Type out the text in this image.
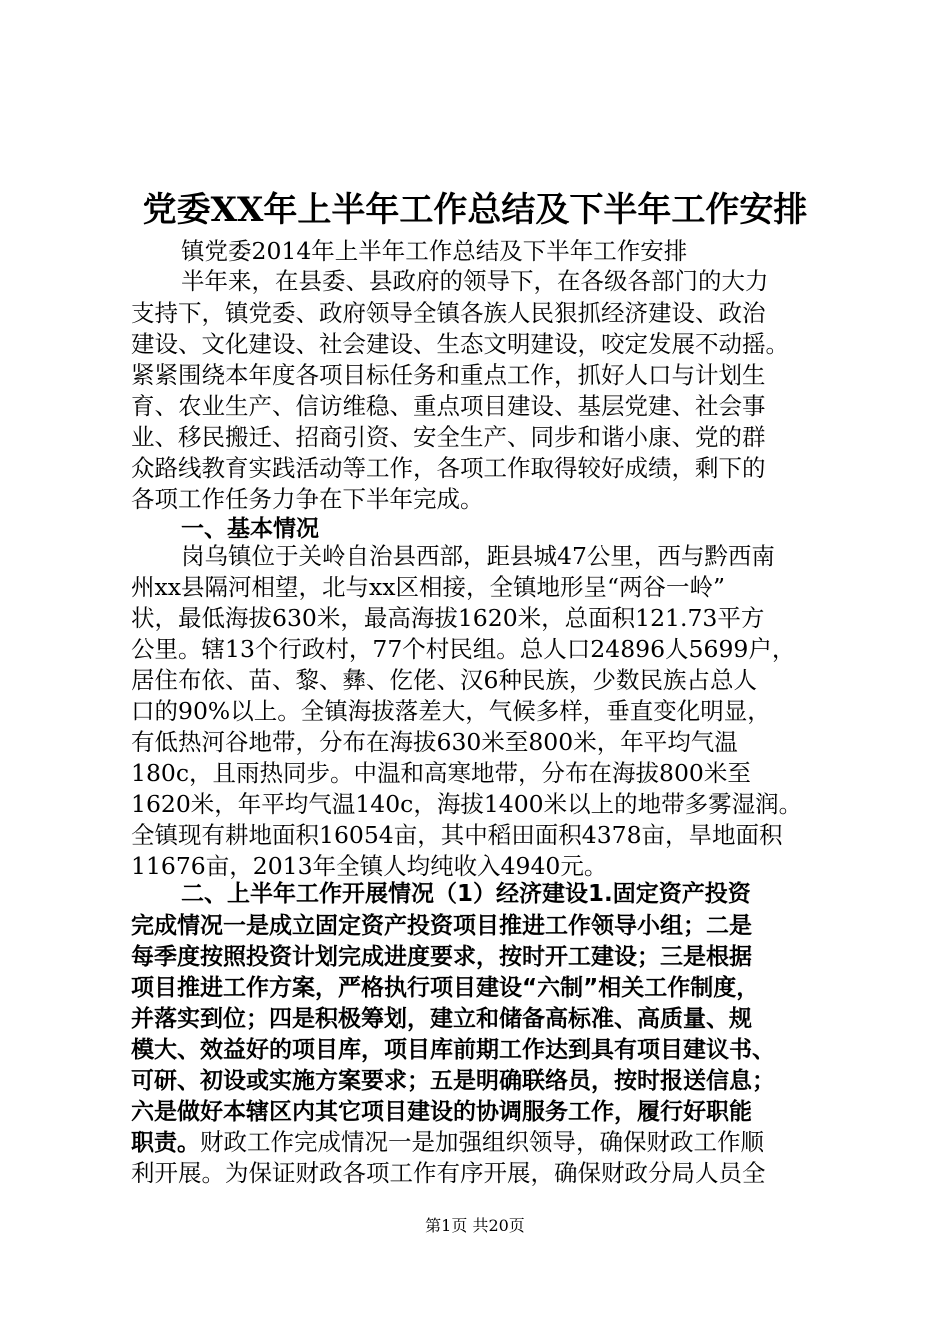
党委XX年上半年工作总结及下半年工作安排
镇党委2014年上半年工作总结及下半年工作安排
半年来，在县委、县政府的领导下，在各级各部门的大力
支持下，镇党委、政府领导全镇各族人民狠抓经济建设、政治
建设、文化建设、社会建设、生态文明建设，咬定发展不动摇。
紧紧围绕本年度各项目标任务和重点工作，抓好人口与计划生
育、农业生产、信访维稳、重点项目建设、基层党建、社会事
业、移民搬迁、招商引资、安全生产、同步和谐小康、党的群
众路线教育实践活动等工作，各项工作取得较好成绩，剩下的
各项工作任务力争在下半年完成。
一、基本情况
岗乌镇位于关岭自治县西部，距县城47公里，西与黔西南
州xx县隔河相望，北与xx区相接，全镇地形呈“两谷一岭”
状，最低海拔630米，最高海拔1620米，总面积121.73平方
公里。辖13个行政村，77个村民组。总人口24896人5699户，
居住布依、苗、黎、彝、仡佬、汉6种民族，少数民族占总人
口的90%以上。全镇海拔落差大，气候多样，垂直变化明显，
有低热河谷地带，分布在海拔630米至800米，年平均气温
180c，且雨热同步。中温和高寒地带，分布在海拔800米至
1620米，年平均气温140c，海拔1400米以上的地带多雾湿润。
全镇现有耕地面积16054亩，其中稻田面积4378亩，旱地面积
11676亩，2013年全镇人均纯收入4940元。
二、上半年工作开展情况（1）经济建设1.固定资产投资
完成情况一是成立固定资产投资项目推进工作领导小组；二是
每季度按照投资计划完成进度要求，按时开工建设；三是根据
项目推进工作方案，严格执行项目建设“六制”相关工作制度，
并落实到位；四是积极筹划，建立和储备高标准、高质量、规
模大、效益好的项目库，项目库前期工作达到具有项目建议书、
可研、初设或实施方案要求；五是明确联络员，按时报送信息；
六是做好本辖区内其它项目建设的协调服务工作，履行好职能
职责。财政工作完成情况一是加强组织领导，确保财政工作顺
利开展。为保证财政各项工作有序开展，确保财政分局人员全
第1页 共20页
